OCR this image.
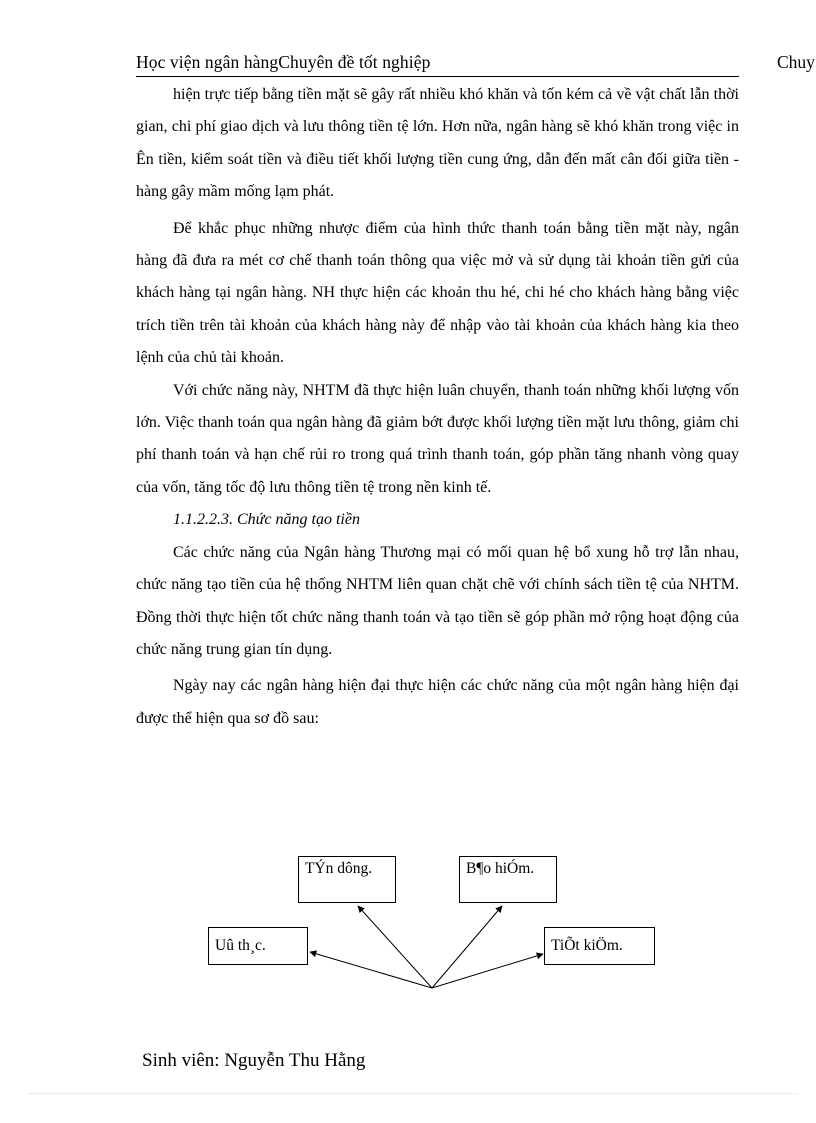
Học viện ngân hàngChuyên đề tốt nghiệp	Chuy

hiện trực tiếp bằng tiền mặt sẽ gây rất nhiều khó khăn và tốn kém cả về vật chất lẫn thời gian, chi phí giao dịch và lưu thông tiền tệ lớn. Hơn nữa, ngân hàng sẽ khó khăn trong việc in Ên tiền, kiểm soát tiền và điều tiết khối lượng tiền cung ứng, dẫn đến mất cân đối giữa tiền - hàng gây mầm mống lạm phát.

Để khắc phục những nhược điểm của hình thức thanh toán bằng tiền mặt này, ngân hàng đã đưa ra mét cơ chế thanh toán thông qua việc mở và sử dụng tài khoản tiền gửi của khách hàng tại ngân hàng. NH thực hiện các khoản thu hé, chi hé cho khách hàng bằng việc trích tiền trên tài khoản của khách hàng này để nhập vào tài khoản của khách hàng kia theo lệnh của chủ tài khoản.

Với chức năng này, NHTM đã thực hiện luân chuyển, thanh toán những khối lượng vốn lớn. Việc thanh toán qua ngân hàng đã giảm bớt được khối lượng tiền mặt lưu thông, giảm chi phí thanh toán và hạn chế rủi ro trong quá trình thanh toán, góp phần tăng nhanh vòng quay của vốn, tăng tốc độ lưu thông tiền tệ trong nền kinh tế.

1.1.2.2.3. Chức năng tạo tiền

Các chức năng của Ngân hàng Thương mại có mối quan hệ bổ xung hỗ trợ lẫn nhau, chức năng tạo tiền của hệ thống NHTM liên quan chặt chẽ với chính sách tiền tệ của NHTM. Đồng thời thực hiện tốt chức năng thanh toán và tạo tiền sẽ góp phần mở rộng hoạt động của chức năng trung gian tín dụng.

Ngày nay các ngân hàng hiện đại thực hiện các chức năng của một ngân hàng hiện đại được thể hiện qua sơ đồ sau:

TÝn dông.	B¶o hiÓm.
Uû th¸c.	TiÕt kiÖm.
Sinh viên: Nguyễn Thu Hằng
